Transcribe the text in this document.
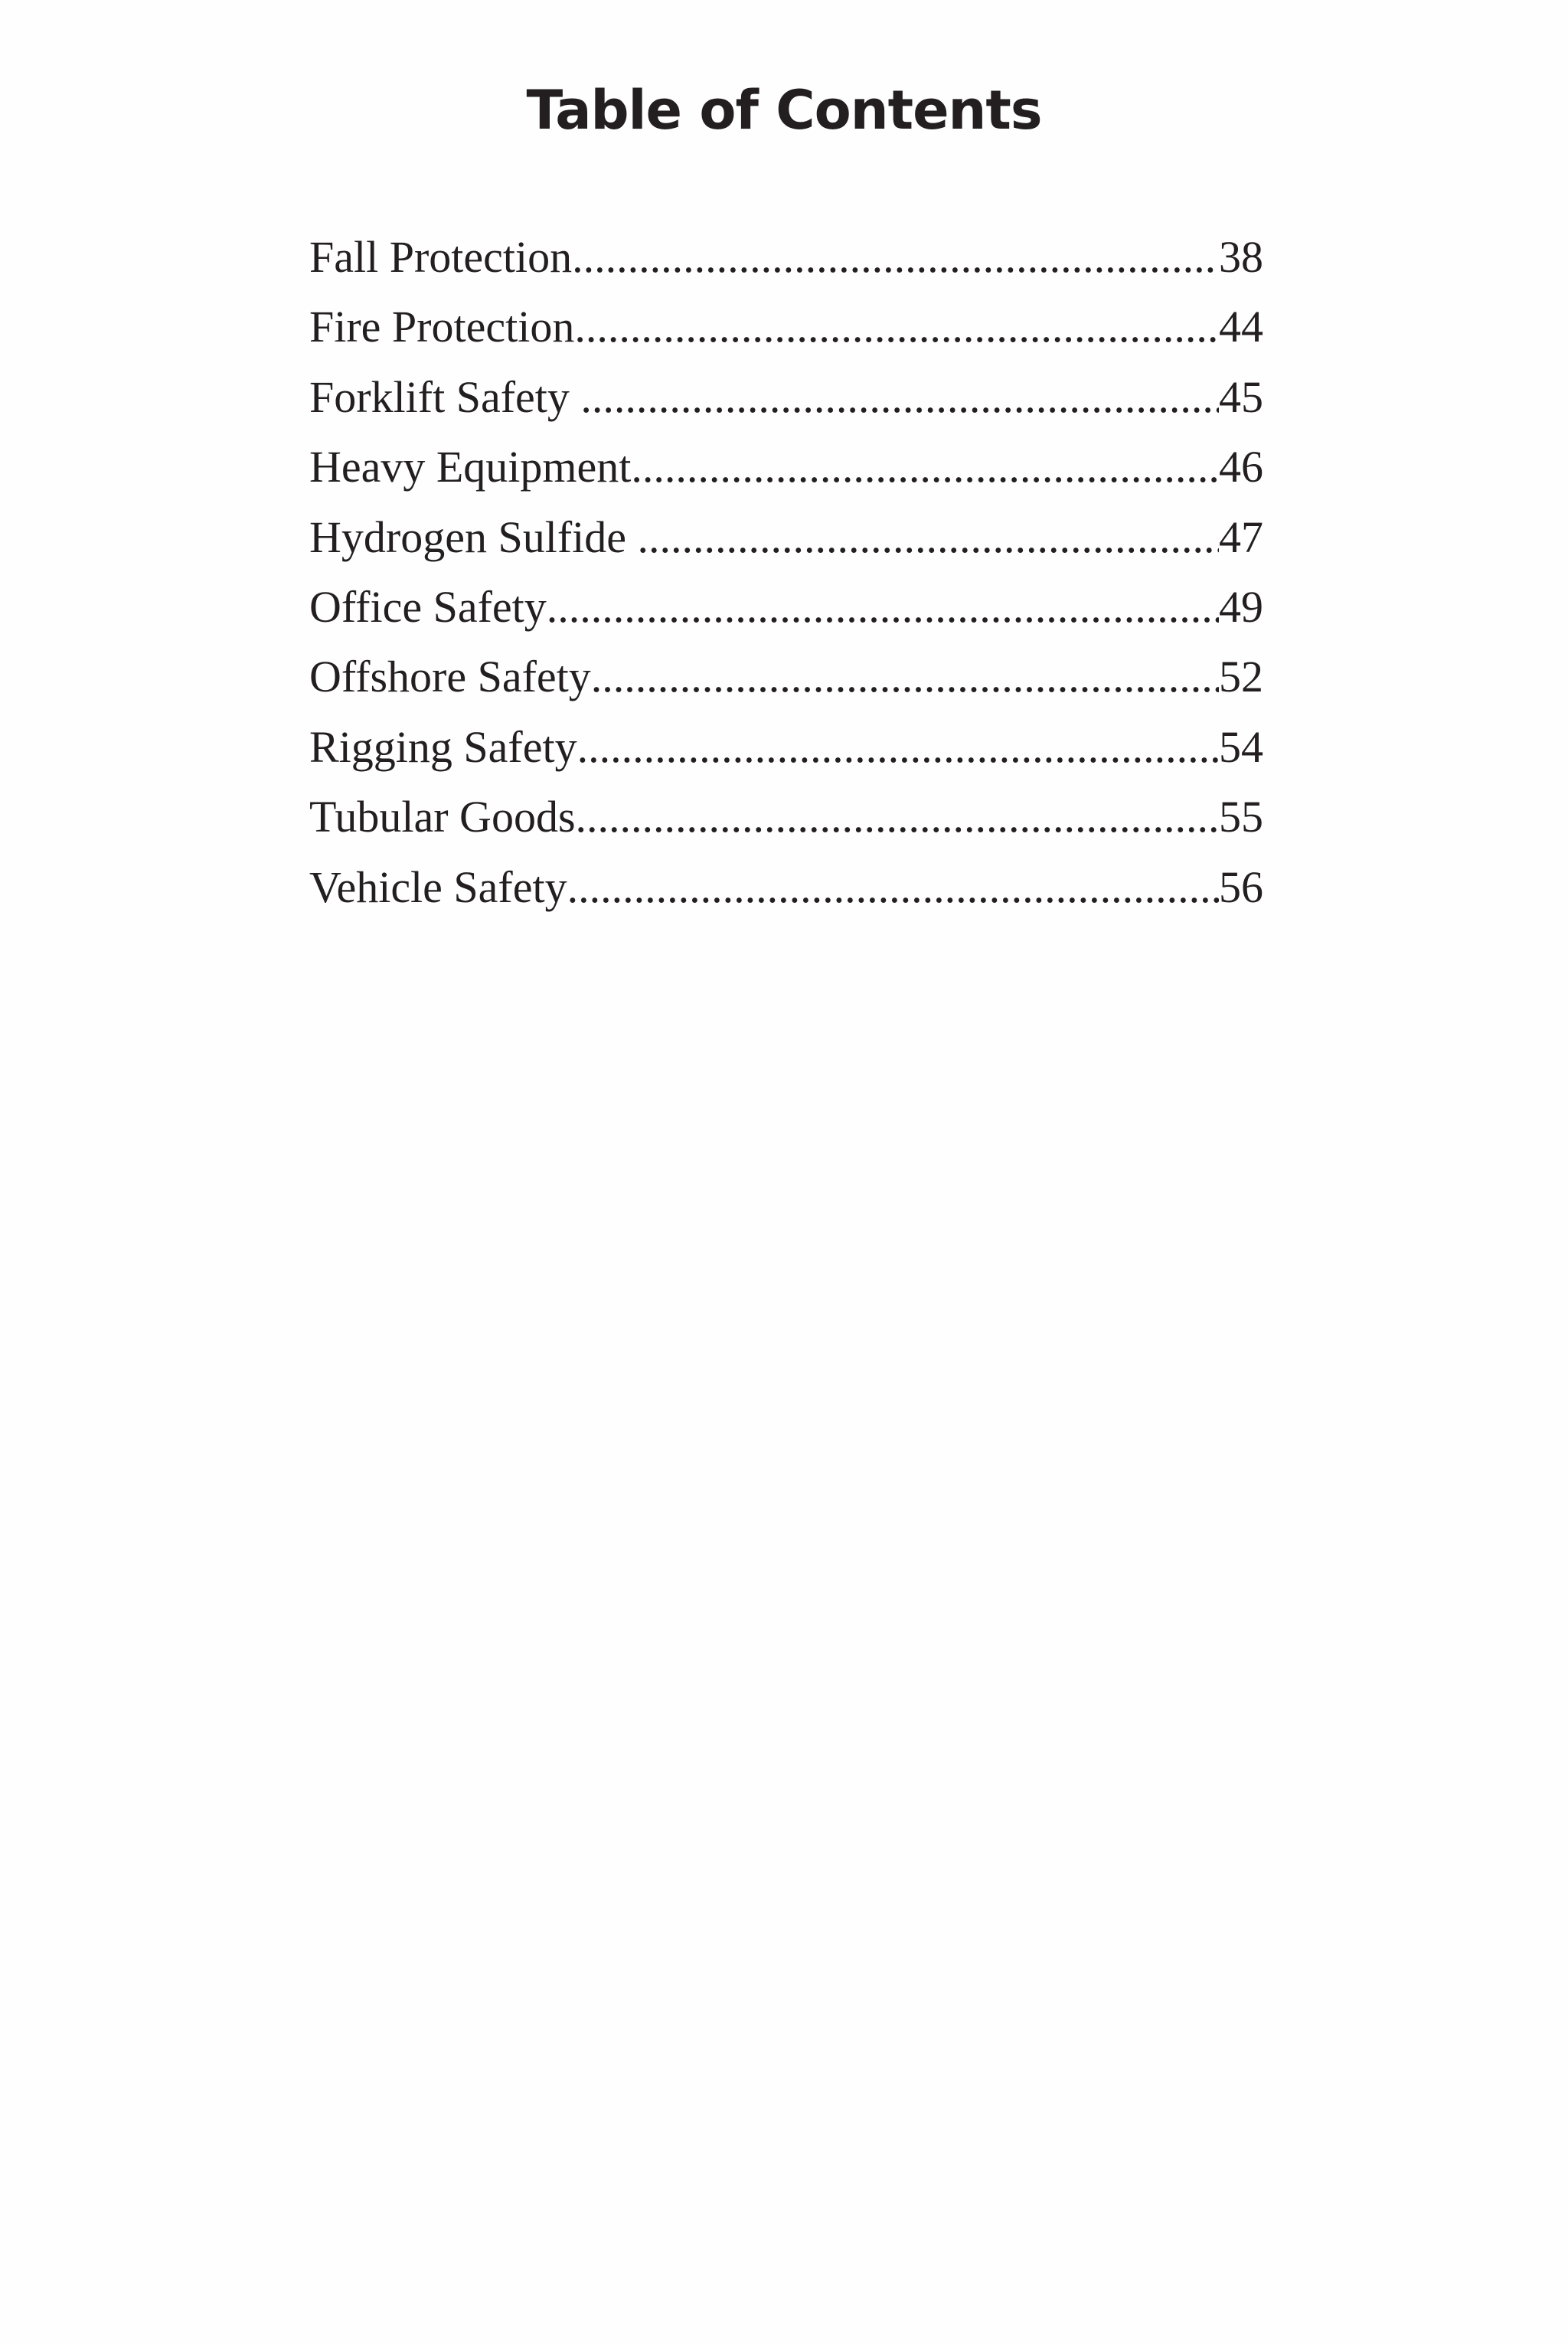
Table of Contents
Fall Protection .....	38
Fire Protection .....	44
Forklift Safety .....	45
Heavy Equipment .....	46
Hydrogen Sulfide .....	47
Office Safety .....	49
Offshore Safety .....	52
Rigging Safety .....	54
Tubular Goods .....	55
Vehicle Safety .....	56
